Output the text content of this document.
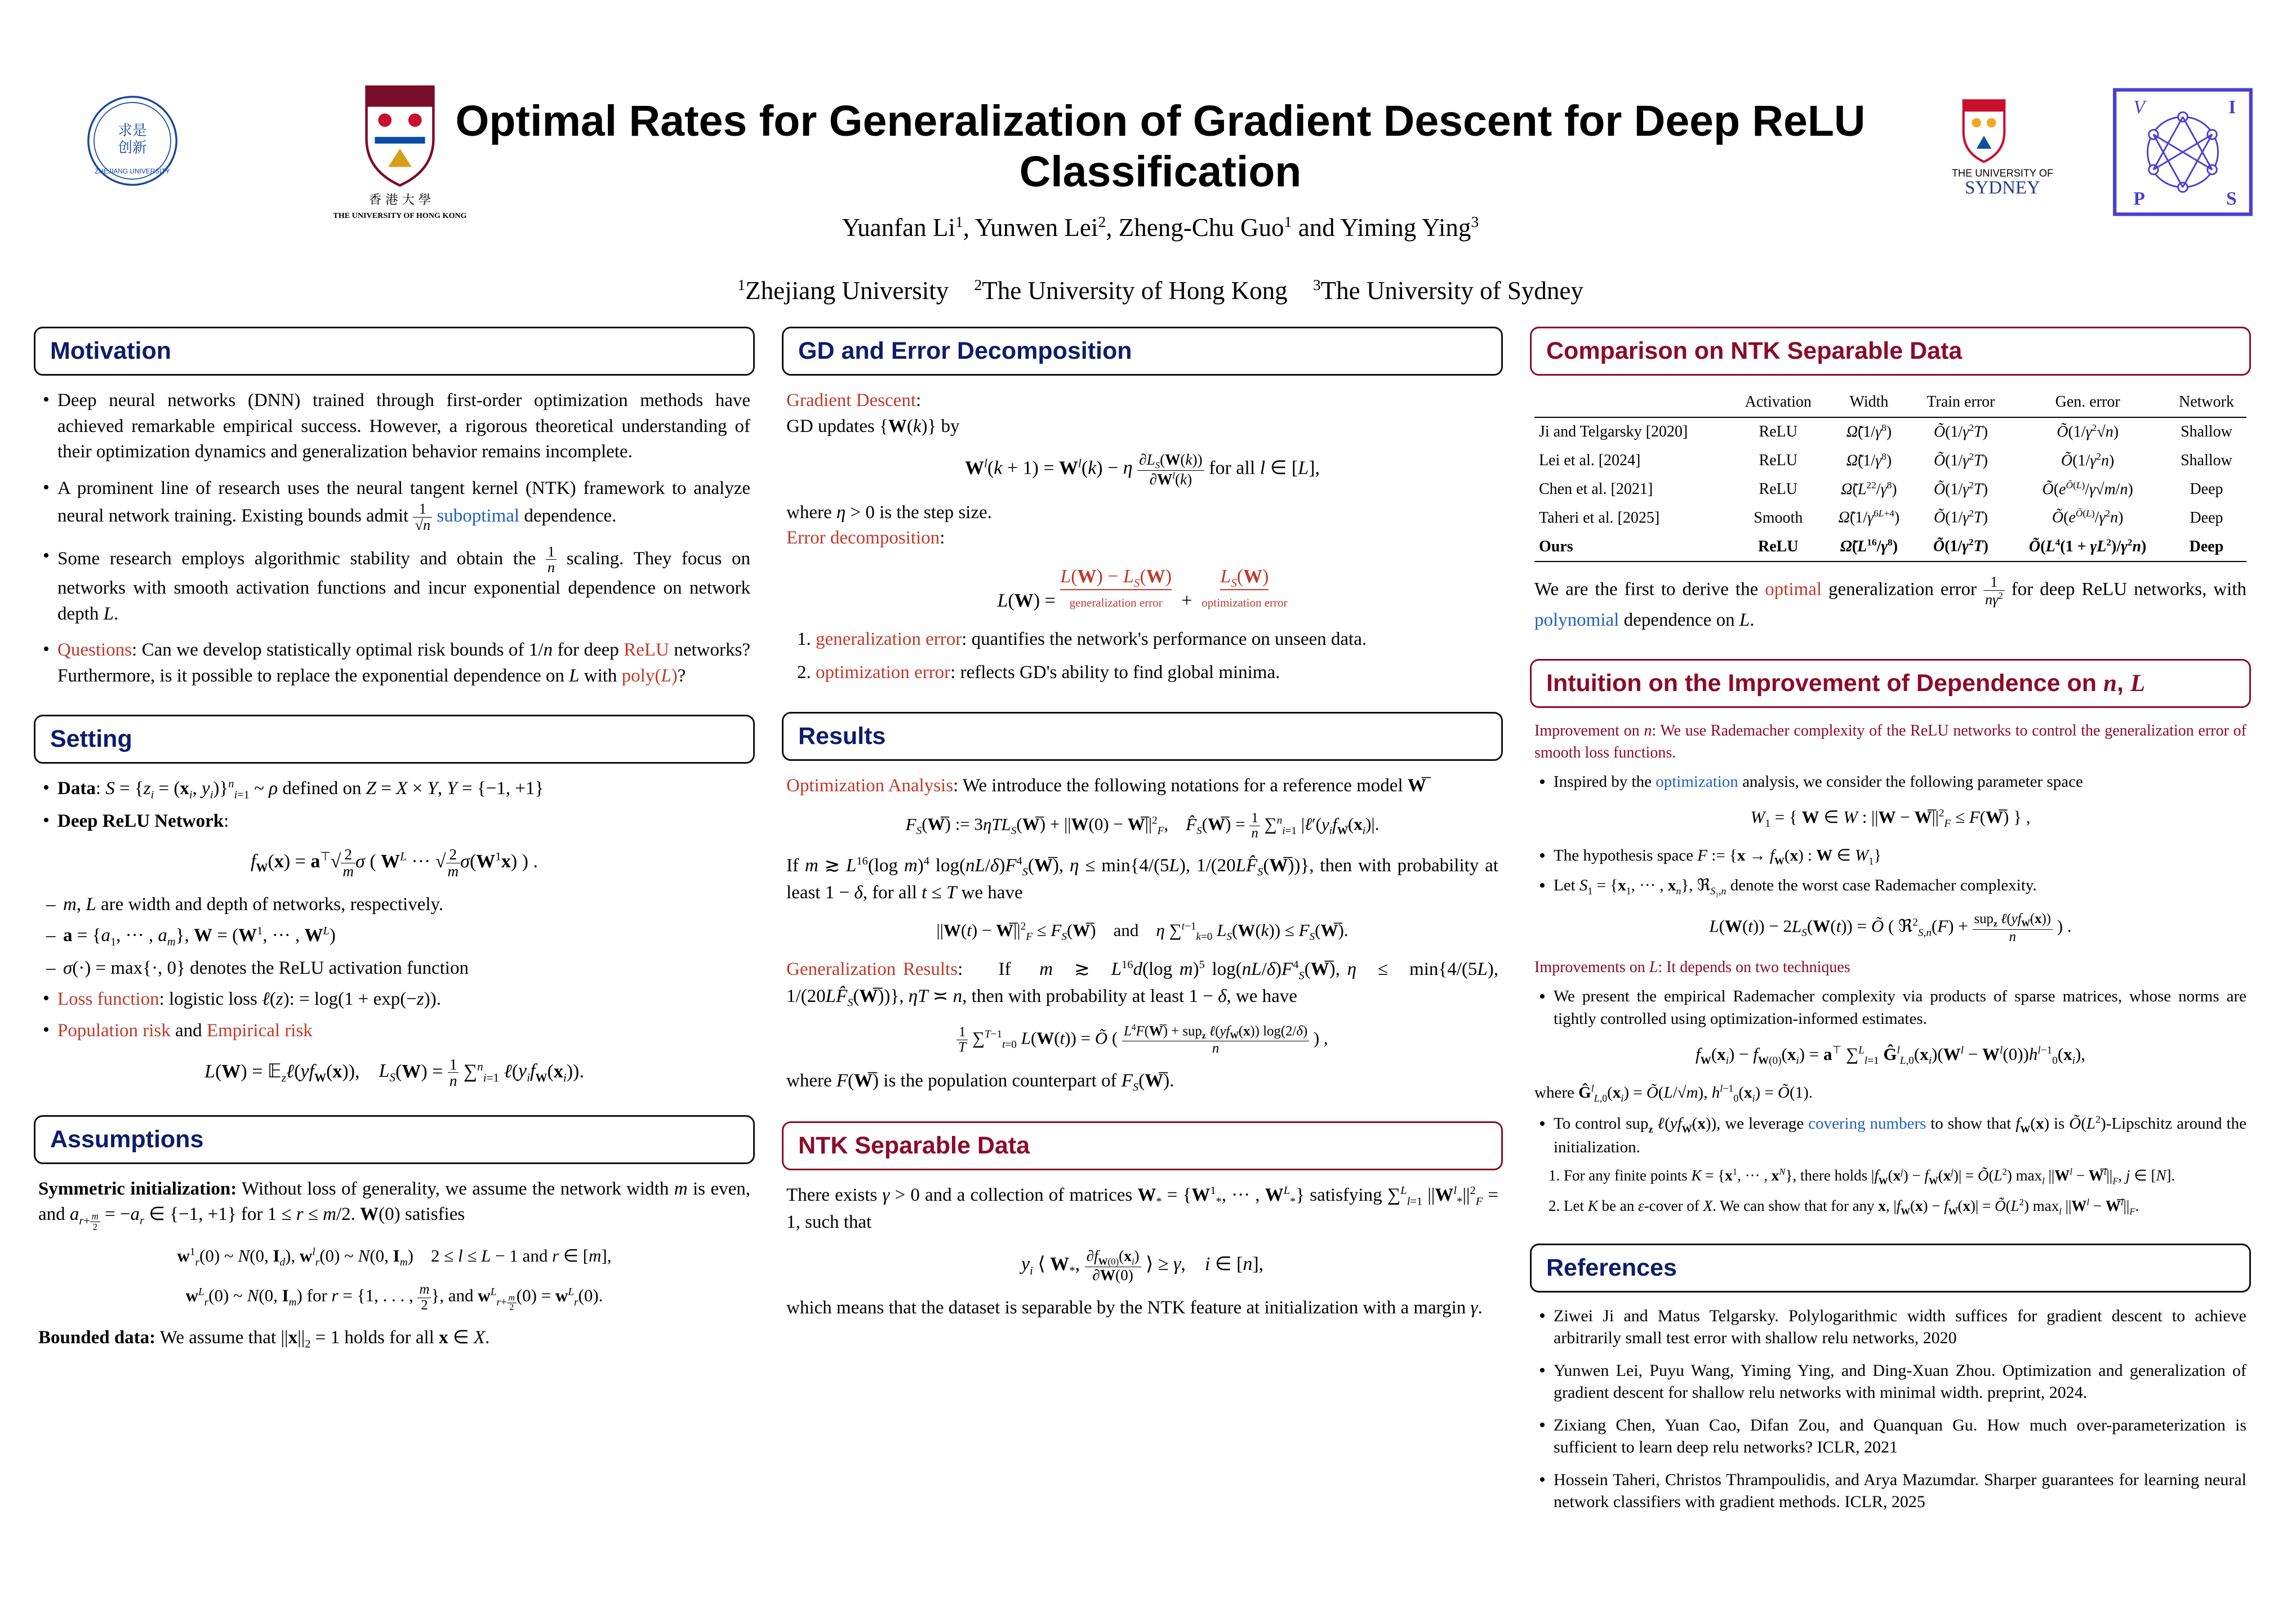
求是
创新
ZHEJIANG UNIVERSITY
香 港 大 學
THE UNIVERSITY OF HONG KONG
Optimal Rates for Generalization of Gradient Descent for Deep ReLU Classification
Yuanfan Li$^1$, Yunwen Lei$^2$, Zheng-Chu Guo$^1$ and Yiming Ying$^3$
$^1$Zhejiang University    $^2$The University of Hong Kong    $^3$The University of Sydney
THE UNIVERSITY OF
SYDNEY
V	I
P	S
Motivation
• Deep neural networks (DNN) trained through first-order optimization methods have achieved remarkable empirical success. However, a rigorous theoretical understanding of their optimization dynamics and generalization behavior remains incomplete.
• A prominent line of research uses the neural tangent kernel (NTK) framework to analyze neural network training. Existing bounds admit $\frac{1}{√n}$ suboptimal dependence.
• Some research employs algorithmic stability and obtain the $\frac{1}{n}$ scaling. They focus on networks with smooth activation functions and incur exponential dependence on network depth L.
• Questions: Can we develop statistically optimal risk bounds of 1/n for deep ReLU networks? Furthermore, is it possible to replace the exponential dependence on L with poly(L)?
Setting
• Data: $S = \{z_i = (x_i$, $y_i)\}^n_{i=1}$ ~ ρ defined on Z = X × Y, Y = {−1, +1}
• Deep ReLU Network:
$f_W(x) = a^⊤√ \frac{2}{m}$ σ ( $W^L$ ··· √ $\frac{2}{m} \sigma(W^1x)$ ) .
– m, L are width and depth of networks, respectively.
– $a = \{a_1$, ··· , $a_m$}, $W = (W^1$, ··· , $W^L$)
– σ(·) = max{·, 0} denotes the ReLU activation function
• Loss function: logistic loss ℓ(z): = log(1 + exp(−z)).
• Population risk and Empirical risk
$L(W) = 𝔼_z\ell(yf_W(x))$,    $L_S(W) = \frac{1}{n} \sum^n_{i=1}$ $\ell(y_if_W(x_i))$.
Assumptions
Symmetric initialization: Without loss of generality, we assume the network width m is even, and $a_{r+ \frac{m}{2}} = -a_r$ ∈ {−1, +1} for 1 ≤ r ≤ m/2. W(0) satisfies
$w^1_r(0)$ ~ N(0, $I_d$), $w^l_r(0)$ ~ N(0, $I_m$)    2 ≤ l ≤ L − 1 and r ∈ [m],
$w^L_r(0)$ ~ N(0, $I_m$) for r = {1, . . . , $\frac{m}{2}$ }, and $w^L_{r+ \frac{m}{2}}$ $(0) = w^L_r(0)$.
Bounded data: We assume that $||x||_2 = 1$ holds for all x ∈ X.
GD and Error Decomposition
Gradient Descent:
GD updates {W(k)} by
$W^l(k + 1) = W^l(k) - \eta \frac{\partial L_S(W(k))}{\partial W^l(k)}$ for all l ∈ [L],
where η > 0 is the step size.
Error decomposition:
$L(W) = L(W) - L_S(W)$
generalization error +  $L_S(W)$
optimization error
1. generalization error: quantifies the network's performance on unseen data.
2. optimization error: reflects GD's ability to find global minima.
Results
Optimization Analysis: We introduce the following notations for a reference model W
$F_S(W̅)$ := 3ηTL$_S$(W̅) + $||W(0) - W̅||^2_F$,    $F̂_S(W̅) = \frac{1}{n} \sum^n_{i=1}$ $|\ell'(y_if_W(x_i)|$.
If m ≳ $L^{16}(\log$ m)$^4$ $\log(nL/\delta)F^4_S(W̅)$, η ≤ min{4/(5L), $1/(20LF̂_S(W̅))$}, then with probability at least 1 − δ, for all t ≤ T we have
$||W(t) - W̅||^2_F$ ≤ $F_S(W̅)$    and    η ∑$^{t-1}_{k=0}$ $L_S(W(k))$ ≤ $F_S(W̅)$.
Generalization Results:     If    m   ≳   $L^{16}d(\log$ m)$^5$ $\log(nL/\delta)F^4_S(W̅)$, η   ≤   min{4/(5L), $1/(20LF̂_S(W̅))$}, ηT ≍ n, then with probability at least 1 − δ, we have
$\frac{1}{T} \sum^{T-1}_{t=0}$ L(W(t)) = Õ ( $\frac{L^4F(W̅) + sup_z \ell(yf_W(x)) \log(2/\delta)}{n}$ ) ,
where F(W̅) is the population counterpart of $F_S(W̅)$.
NTK Separable Data
There exists γ > 0 and a collection of matrices $W_* = \{W^1_*$, ··· , $W^L_*$} satisfying ∑$^L_{l=1}$ $||W^l_*||^2_F = 1$, such that
$y_i$ ⟨ $W_*$, $\frac{\partial f_{W(0)}(x_i)}{\partial W(0)}$ ⟩ ≥ γ,    i ∈ [n],
which means that the dataset is separable by the NTK feature at initialization with a margin γ.
Comparison on NTK Separable Data
	Activation	Width	Train error	Gen. error	Network
Ji and Telgarsky [2020]	ReLU	$\Omegã(1/\gamma^8)$	$Õ(1/\gamma^2T)$	$Õ(1/\gamma^2√n)$	Shallow
Lei et al. [2024]	ReLU	$\Omegã(1/\gamma^8)$	$Õ(1/\gamma^2T)$	$Õ(1/\gamma^2n)$	Shallow
Chen et al. [2021]	ReLU	$\Omegã(L^{22}/\gamma^8)$	$Õ(1/\gamma^2T)$	$Õ(e^{Õ(L)}/\gamma√m/n)$	Deep
Taheri et al. [2025]	Smooth	$\Omegã(1/\gamma^{6L+4})$	$Õ(1/\gamma^2T)$	$Õ(e^{Õ(L)}/\gamma^2n)$	Deep
Ours	ReLU	$\Omegã(L^{16}/\gamma^8)$	$Õ(1/\gamma^2T)$	$Õ(L^4(1 + \gamma L^2)/\gamma^2n)$	Deep
We are the first to derive the optimal generalization error $\frac{1}{n\gamma^2}$ for deep ReLU networks, with polynomial dependence on L.
Intuition on the Improvement of Dependence on n, L
Improvement on n: We use Rademacher complexity of the ReLU networks to control the generalization error of smooth loss functions.
• Inspired by the optimization analysis, we consider the following parameter space
$W_1$ = { W ∈ W : $||W - W̅||^2_F$ ≤ F(W̅) } ,
• The hypothesis space F := {$x \to f_W(x)$ : W ∈ $W_1$}
• Let $S_1 = \{x_1$, ··· , $x_n$}, ℜ$_{S_1,n}$ denote the worst case Rademacher complexity.
$L(W(t)) - 2L_S(W(t))$ = Õ ( ℜ$^2_{S,n}$(F) + $\frac{sup_z \ell(yf_W(x))}{n}$ ) .
Improvements on L: It depends on two techniques
• We present the empirical Rademacher complexity via products of sparse matrices, whose norms are tightly controlled using optimization-informed estimates.
$f_W(x_i) - f_{W(0)}(x_i) = a^⊤$ ∑$^L_{l=1}$ $Ĝ^l_{L,0}(x_i)(W^l - W^l(0))h^{l-1}_0(x_i)$,
where $Ĝ^l_{L,0}(x_i)$ = Õ(L/√m), $h^{l-1}_0(x_i)$ = Õ(1).
• To control sup$_z$ $\ell(yf_W(x))$, we leverage covering numbers to show that $f_W(x)$ is $Õ(L^2)$-Lipschitz around the initialization.
1. For any finite points $K = \{x^1$, ··· , $x^N$}, there holds $|f_W(x^j) - f_W(x^j)|$ = $Õ(L^2)$ $\max_l ||W^l - W^l||_F$, j ∈ [N].
2. Let K be an ε-cover of X. We can show that for any x, $|f_W(x) - f_W(x)|$ = $Õ(L^2)$ $\max_l ||W^l - W^l||_F$.
References
• Ziwei Ji and Matus Telgarsky. Polylogarithmic width suffices for gradient descent to achieve arbitrarily small test error with shallow relu networks, 2020
• Yunwen Lei, Puyu Wang, Yiming Ying, and Ding-Xuan Zhou. Optimization and generalization of gradient descent for shallow relu networks with minimal width. preprint, 2024.
• Zixiang Chen, Yuan Cao, Difan Zou, and Quanquan Gu. How much over-parameterization is sufficient to learn deep relu networks? ICLR, 2021
• Hossein Taheri, Christos Thrampoulidis, and Arya Mazumdar. Sharper guarantees for learning neural network classifiers with gradient methods. ICLR, 2025
